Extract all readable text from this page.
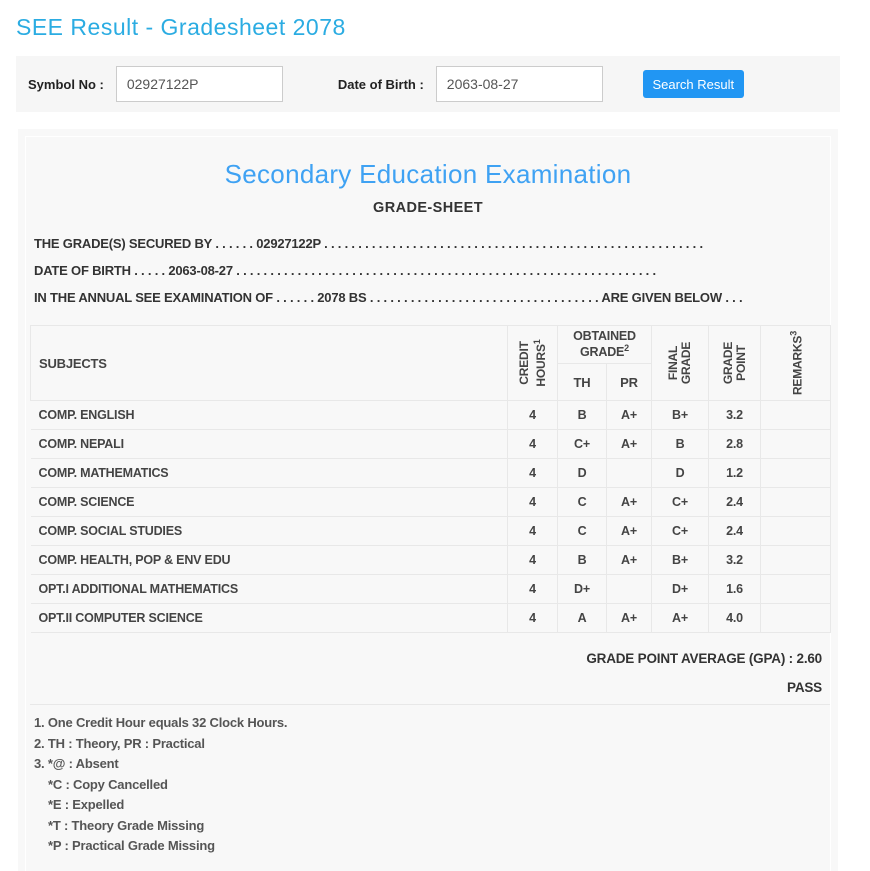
SEE Result - Gradesheet 2078
Symbol No :
02927122P	Date of Birth :
2063-08-27	Search Result
Secondary Education Examination
GRADE-SHEET
THE GRADE(S) SECURED BY . . . . . . 02927122P . . . . . . . . . . . . . . . . . . . . . . . . . . . . . . . . . . . . . . . . . . . . . . . . . . . . . . . .
DATE OF BIRTH . . . . . 2063-08-27 . . . . . . . . . . . . . . . . . . . . . . . . . . . . . . . . . . . . . . . . . . . . . . . . . . . . . . . . . . . . . .
IN THE ANNUAL SEE EXAMINATION OF . . . . . . 2078 BS . . . . . . . . . . . . . . . . . . . . . . . . . . . . . . . . . . ARE GIVEN BELOW . . .
SUBJECTS	CREDIT HOURS$^1$	OBTAINED GRADE$^2$		FINAL GRADE	GRADE POINT	REMARKS$^3$

		TH	PR			
COMP. ENGLISH	4	B	A+	B+	3.2	
COMP. NEPALI	4	C+	A+	B	2.8	
COMP. MATHEMATICS	4	D		D	1.2	
COMP. SCIENCE	4	C	A+	C+	2.4	
COMP. SOCIAL STUDIES	4	C	A+	C+	2.4	
COMP. HEALTH, POP & ENV EDU	4	B	A+	B+	3.2	
OPT.I ADDITIONAL MATHEMATICS	4	D+		D+	1.6	
OPT.II COMPUTER SCIENCE	4	A	A+	A+	4.0	
GRADE POINT AVERAGE (GPA) : 2.60
PASS
1. One Credit Hour equals 32 Clock Hours.
2. TH : Theory, PR : Practical
3. *@ : Absent
*C : Copy Cancelled
*E : Expelled
*T : Theory Grade Missing
*P : Practical Grade Missing
